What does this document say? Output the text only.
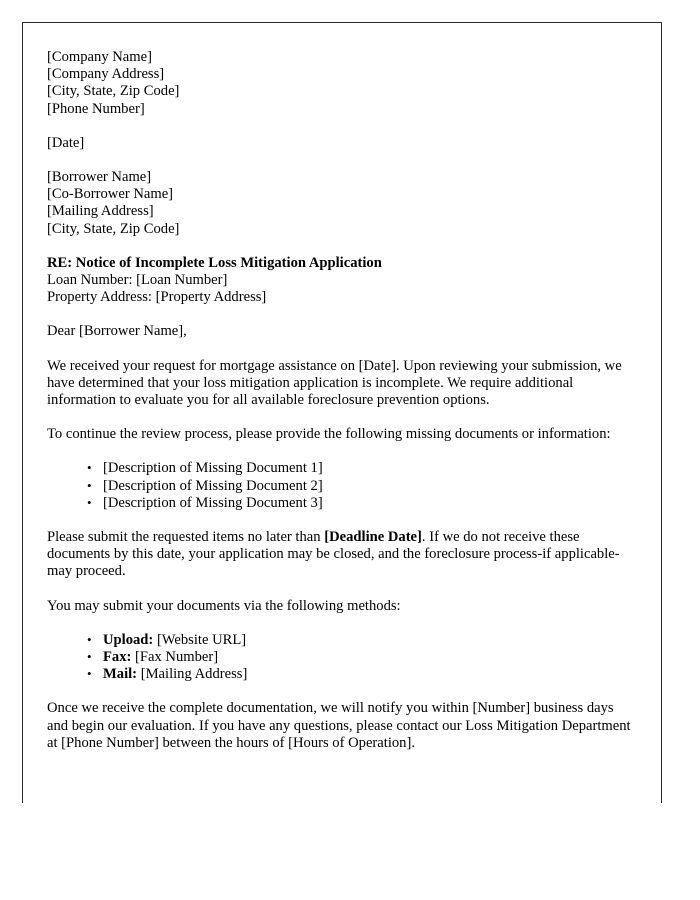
[Company Name]
[Company Address]
[City, State, Zip Code]
[Phone Number]
[Date]
[Borrower Name]
[Co-Borrower Name]
[Mailing Address]
[City, State, Zip Code]
RE: Notice of Incomplete Loss Mitigation Application
Loan Number: [Loan Number]
Property Address: [Property Address]
Dear [Borrower Name],

We received your request for mortgage assistance on [Date]. Upon reviewing your submission, we have determined that your loss mitigation application is incomplete. We require additional information to evaluate you for all available foreclosure prevention options.

To continue the review process, please provide the following missing documents or information:

• [Description of Missing Document 1]
• [Description of Missing Document 2]
• [Description of Missing Document 3]

Please submit the requested items no later than [Deadline Date]. If we do not receive these documents by this date, your application may be closed, and the foreclosure process-if applicable-may proceed.

You may submit your documents via the following methods:

• Upload: [Website URL]
• Fax: [Fax Number]
• Mail: [Mailing Address]

Once we receive the complete documentation, we will notify you within [Number] business days and begin our evaluation. If you have any questions, please contact our Loss Mitigation Department at [Phone Number] between the hours of [Hours of Operation].
